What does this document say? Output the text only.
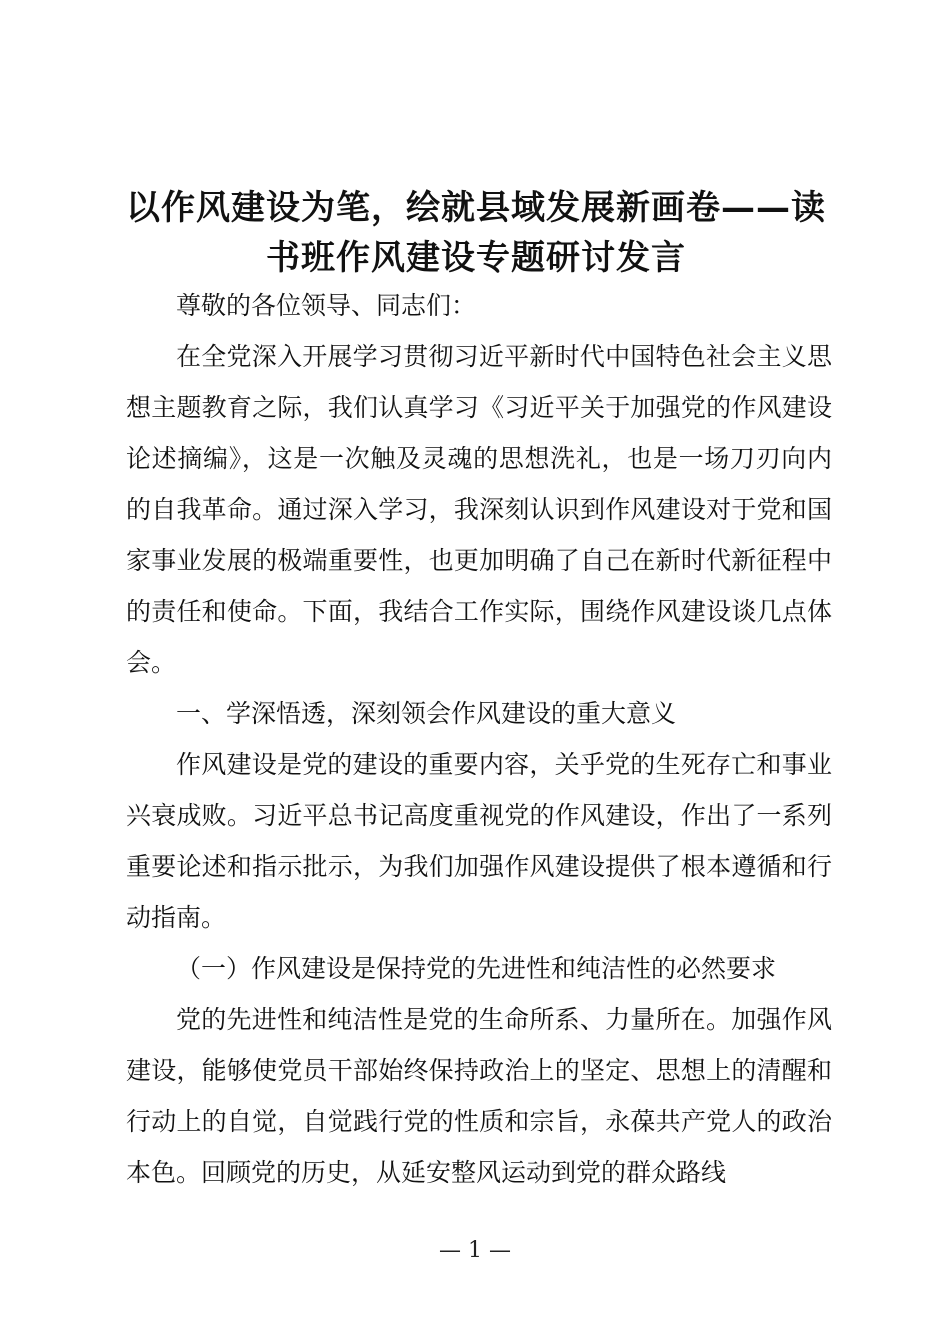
以作风建设为笔，绘就县域发展新画卷——读书班作风建设专题研讨发言

尊敬的各位领导、同志们：

在全党深入开展学习贯彻习近平新时代中国特色社会主义思想主题教育之际，我们认真学习《习近平关于加强党的作风建设论述摘编》，这是一次触及灵魂的思想洗礼，也是一场刀刃向内的自我革命。通过深入学习，我深刻认识到作风建设对于党和国家事业发展的极端重要性，也更加明确了自己在新时代新征程中的责任和使命。下面，我结合工作实际，围绕作风建设谈几点体会。

一、学深悟透，深刻领会作风建设的重大意义

作风建设是党的建设的重要内容，关乎党的生死存亡和事业兴衰成败。习近平总书记高度重视党的作风建设，作出了一系列重要论述和指示批示，为我们加强作风建设提供了根本遵循和行动指南。

（一）作风建设是保持党的先进性和纯洁性的必然要求

党的先进性和纯洁性是党的生命所系、力量所在。加强作风建设，能够使党员干部始终保持政治上的坚定、思想上的清醒和行动上的自觉，自觉践行党的性质和宗旨，永葆共产党人的政治本色。回顾党的历史，从延安整风运动到党的群众路线

— 1 —
